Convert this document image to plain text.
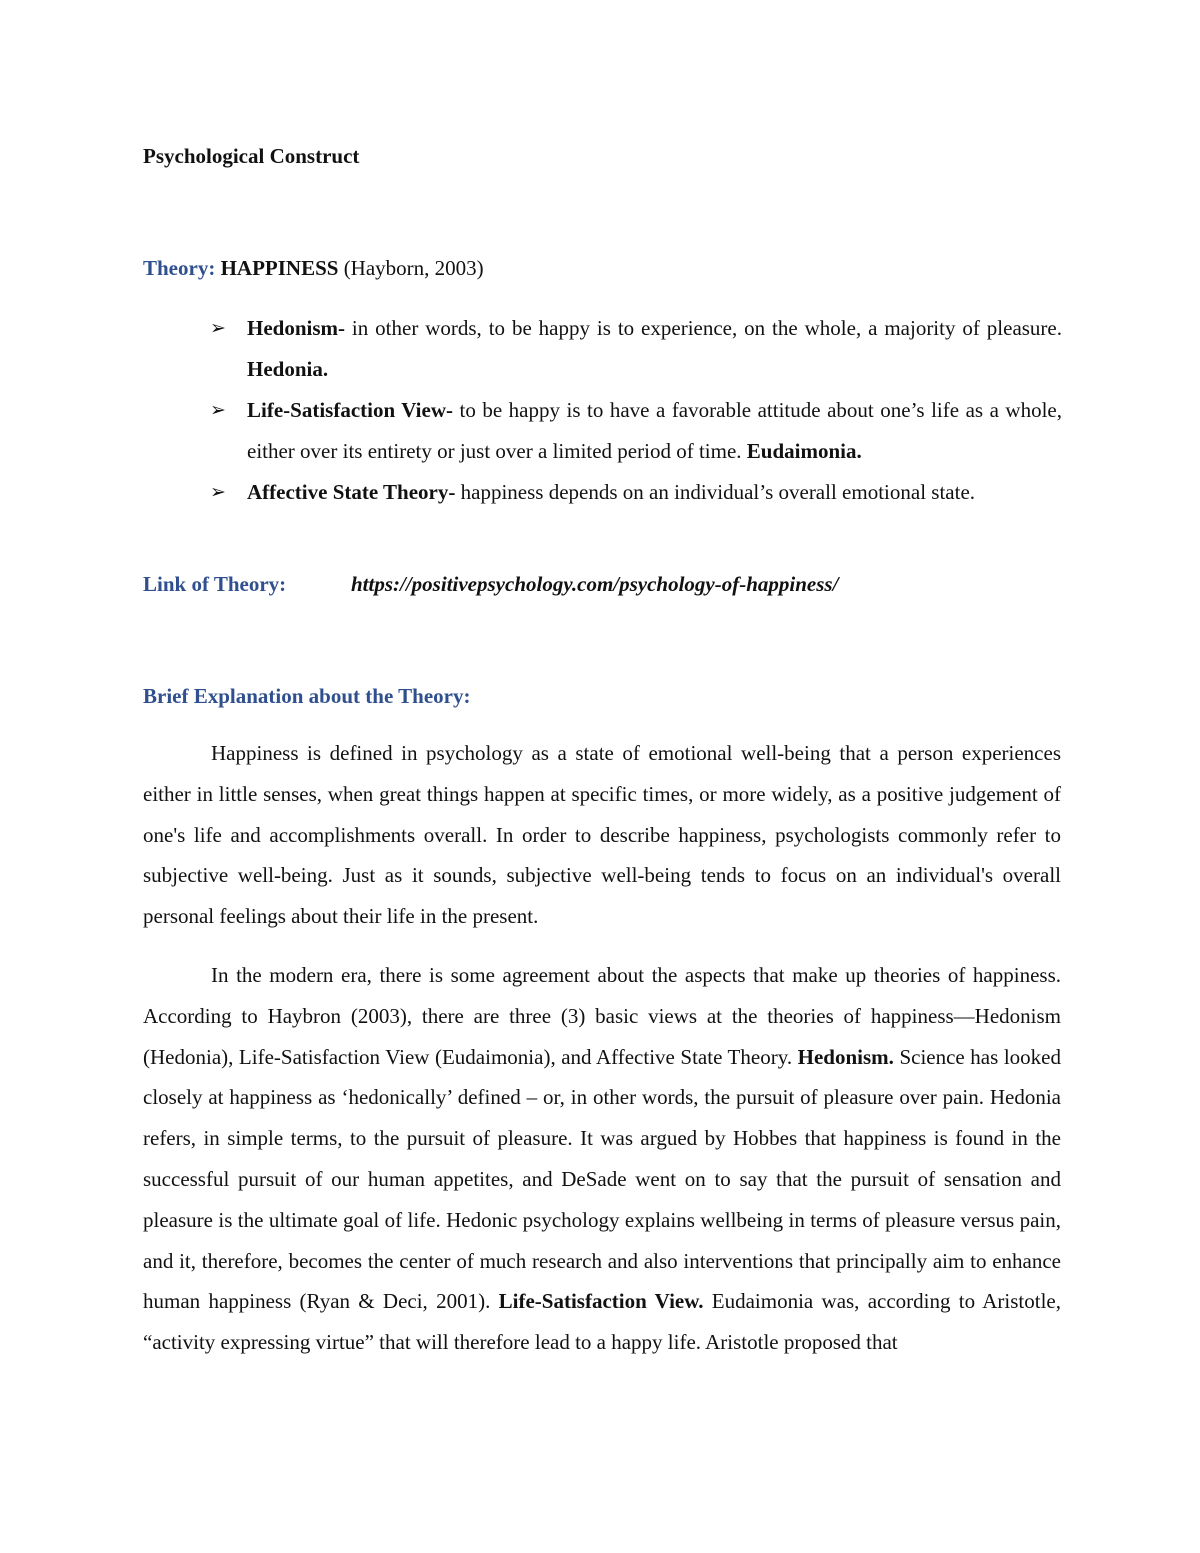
Psychological Construct

Theory: HAPPINESS (Hayborn, 2003)

➢ Hedonism- in other words, to be happy is to experience, on the whole, a majority of pleasure. Hedonia.
➢ Life-Satisfaction View- to be happy is to have a favorable attitude about one’s life as a whole, either over its entirety or just over a limited period of time. Eudaimonia.
➢ Affective State Theory- happiness depends on an individual’s overall emotional state.

Link of Theory:	https://positivepsychology.com/psychology-of-happiness/

Brief Explanation about the Theory:

Happiness is defined in psychology as a state of emotional well-being that a person experiences either in little senses, when great things happen at specific times, or more widely, as a positive judgement of one's life and accomplishments overall. In order to describe happiness, psychologists commonly refer to subjective well-being. Just as it sounds, subjective well-being tends to focus on an individual's overall personal feelings about their life in the present.

In the modern era, there is some agreement about the aspects that make up theories of happiness. According to Haybron (2003), there are three (3) basic views at the theories of happiness—Hedonism (Hedonia), Life-Satisfaction View (Eudaimonia), and Affective State Theory. Hedonism. Science has looked closely at happiness as ‘hedonically’ defined – or, in other words, the pursuit of pleasure over pain. Hedonia refers, in simple terms, to the pursuit of pleasure. It was argued by Hobbes that happiness is found in the successful pursuit of our human appetites, and DeSade went on to say that the pursuit of sensation and pleasure is the ultimate goal of life. Hedonic psychology explains wellbeing in terms of pleasure versus pain, and it, therefore, becomes the center of much research and also interventions that principally aim to enhance human happiness (Ryan & Deci, 2001). Life-Satisfaction View. Eudaimonia was, according to Aristotle, “activity expressing virtue” that will therefore lead to a happy life. Aristotle proposed that
